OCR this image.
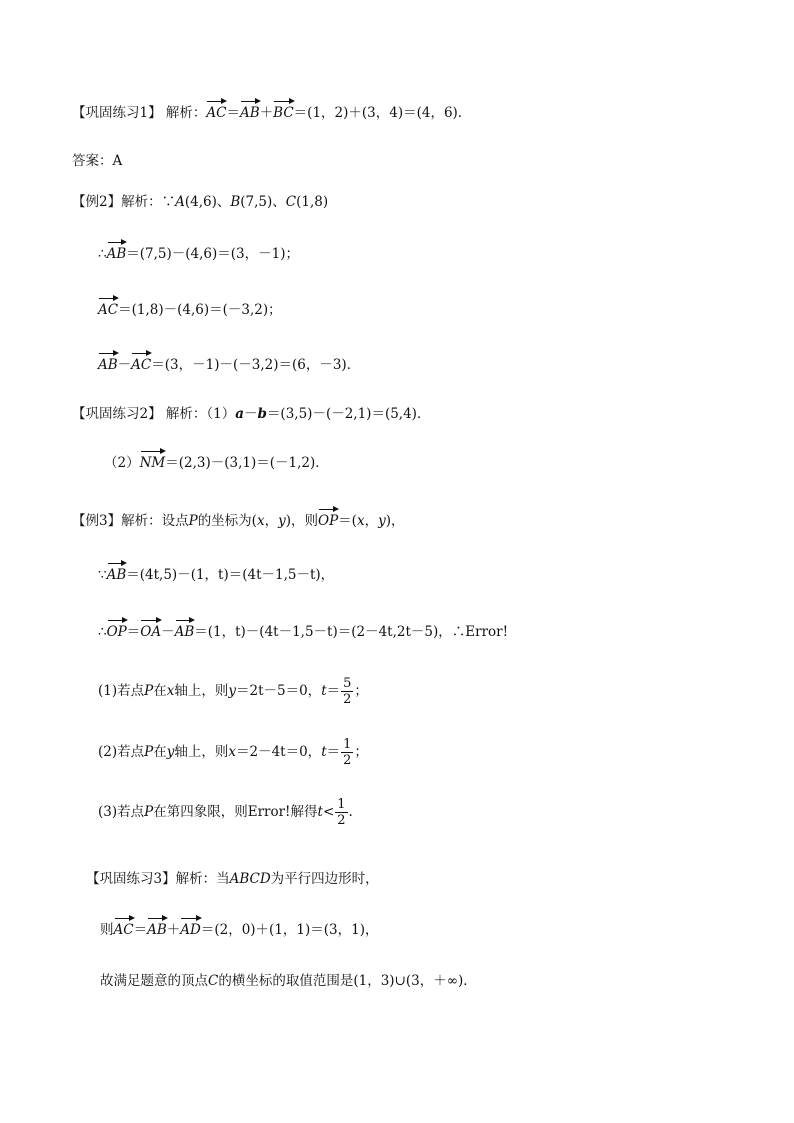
【巩固练习1】 解析：AC＝AB＋BC＝(1，2)＋(3，4)＝(4，6)．
答案：A
【例2】解析：∵A(4,6)、B(7,5)、C(1,8)
∴AB＝(7,5)－(4,6)＝(3，－1)；
AC＝(1,8)－(4,6)＝(－3,2)；
AB－AC＝(3，－1)－(－3,2)＝(6，－3)．
【巩固练习2】 解析：（1）a－b＝(3,5)－(－2,1)＝(5,4)．
（2）NM＝(2,3)－(3,1)＝(－1,2)．
【例3】解析：设点P的坐标为(x，y)，则OP＝(x，y)，
∵AB＝(4t,5)－(1，t)＝(4t－1,5－t)，
∴OP＝OA－AB＝(1，t)－(4t－1,5－t)＝(2－4t,2t－5)，∴Error!
(1)若点P在x轴上，则y＝2t－5＝0，$t= \frac{5}{2}$ ；
(2)若点P在y轴上，则x＝2－4t＝0，$t= \frac{1}{2}$ ；
(3)若点P在第四象限，则Error!解得$t< \frac{1}{2}$ .
【巩固练习3】解析：当ABCD为平行四边形时，
则AC＝AB＋AD＝(2，0)＋(1，1)＝(3，1)，
故满足题意的顶点C的横坐标的取值范围是(1，3)∪(3，＋∞)．
